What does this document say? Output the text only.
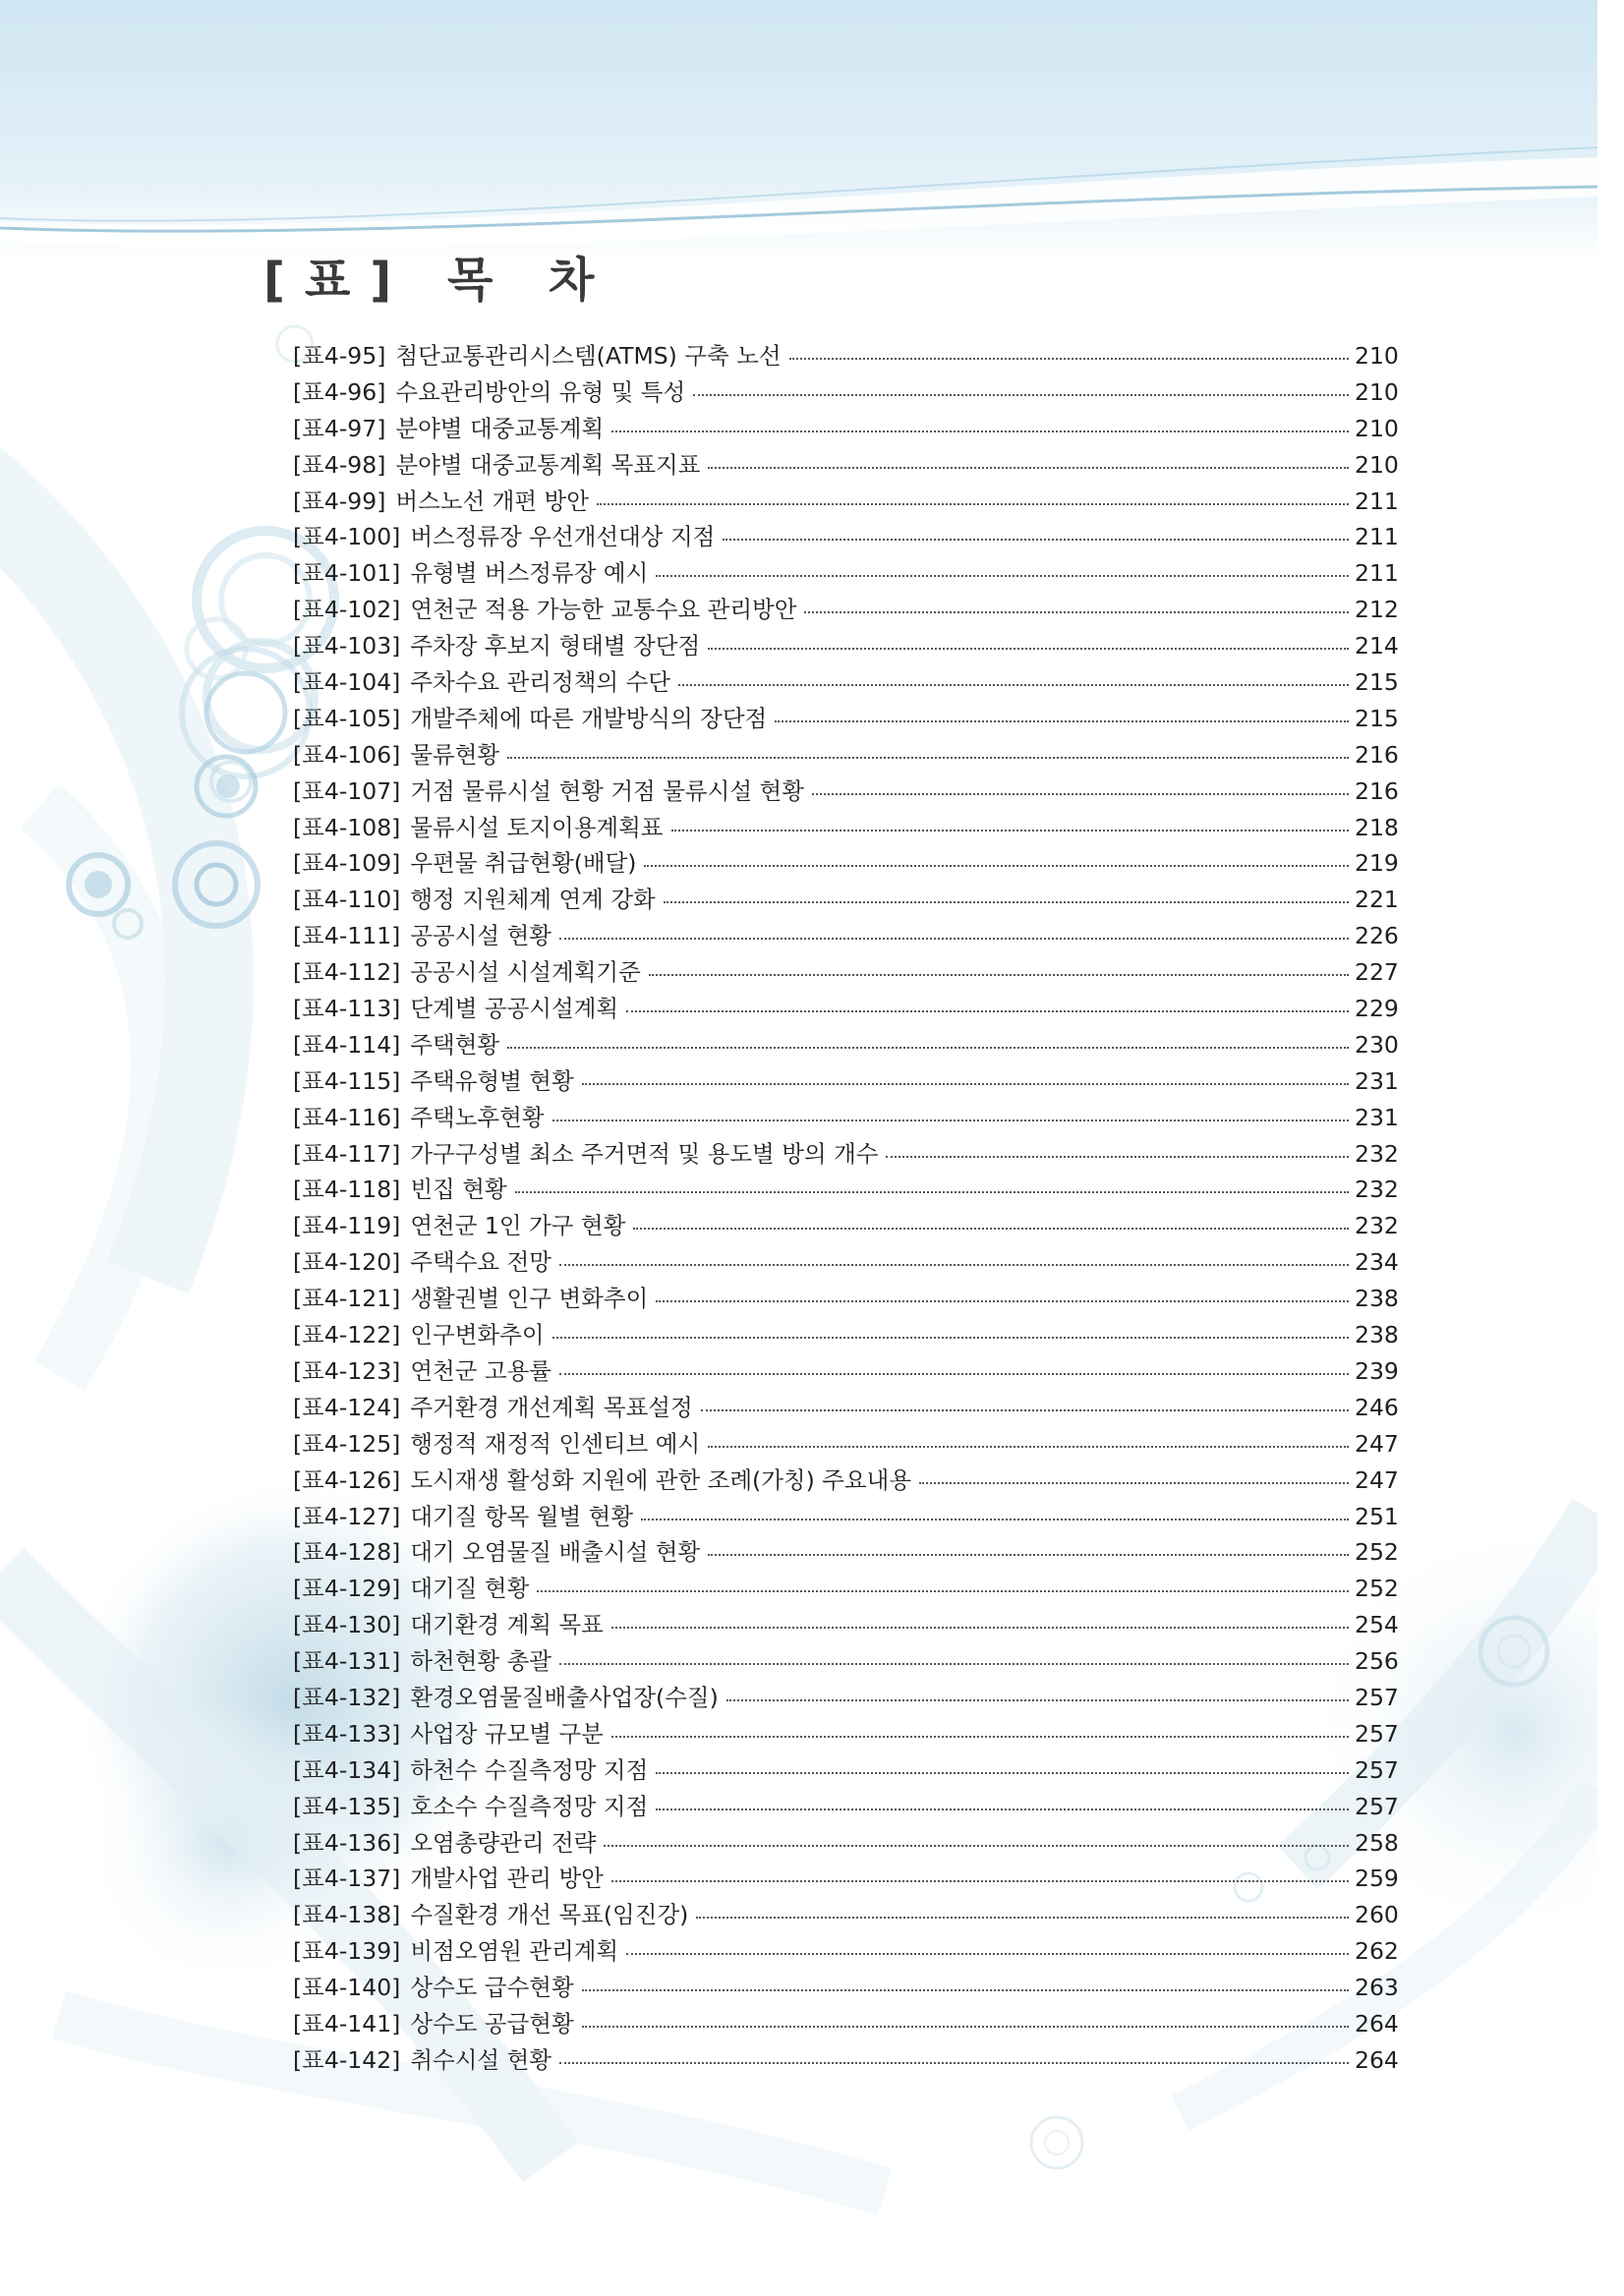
[표] 목 차
[표4-95] 첨단교통관리시스템(ATMS) 구축 노선	210
[표4-96] 수요관리방안의 유형 및 특성	210
[표4-97] 분야별 대중교통계획	210
[표4-98] 분야별 대중교통계획 목표지표	210
[표4-99] 버스노선 개편 방안	211
[표4-100] 버스정류장 우선개선대상 지점	211
[표4-101] 유형별 버스정류장 예시	211
[표4-102] 연천군 적용 가능한 교통수요 관리방안	212
[표4-103] 주차장 후보지 형태별 장단점	214
[표4-104] 주차수요 관리정책의 수단	215
[표4-105] 개발주체에 따른 개발방식의 장단점	215
[표4-106] 물류현황	216
[표4-107] 거점 물류시설 현황 거점 물류시설 현황	216
[표4-108] 물류시설 토지이용계획표	218
[표4-109] 우편물 취급현황(배달)	219
[표4-110] 행정 지원체계 연계 강화	221
[표4-111] 공공시설 현황	226
[표4-112] 공공시설 시설계획기준	227
[표4-113] 단계별 공공시설계획	229
[표4-114] 주택현황	230
[표4-115] 주택유형별 현황	231
[표4-116] 주택노후현황	231
[표4-117] 가구구성별 최소 주거면적 및 용도별 방의 개수	232
[표4-118] 빈집 현황	232
[표4-119] 연천군 1인 가구 현황	232
[표4-120] 주택수요 전망	234
[표4-121] 생활권별 인구 변화추이	238
[표4-122] 인구변화추이	238
[표4-123] 연천군 고용률	239
[표4-124] 주거환경 개선계획 목표설정	246
[표4-125] 행정적 재정적 인센티브 예시	247
[표4-126] 도시재생 활성화 지원에 관한 조례(가칭) 주요내용	247
[표4-127] 대기질 항목 월별 현황	251
[표4-128] 대기 오염물질 배출시설 현황	252
[표4-129] 대기질 현황	252
[표4-130] 대기환경 계획 목표	254
[표4-131] 하천현황 총괄	256
[표4-132] 환경오염물질배출사업장(수질)	257
[표4-133] 사업장 규모별 구분	257
[표4-134] 하천수 수질측정망 지점	257
[표4-135] 호소수 수질측정망 지점	257
[표4-136] 오염총량관리 전략	258
[표4-137] 개발사업 관리 방안	259
[표4-138] 수질환경 개선 목표(임진강)	260
[표4-139] 비점오염원 관리계획	262
[표4-140] 상수도 급수현황	263
[표4-141] 상수도 공급현황	264
[표4-142] 취수시설 현황	264
